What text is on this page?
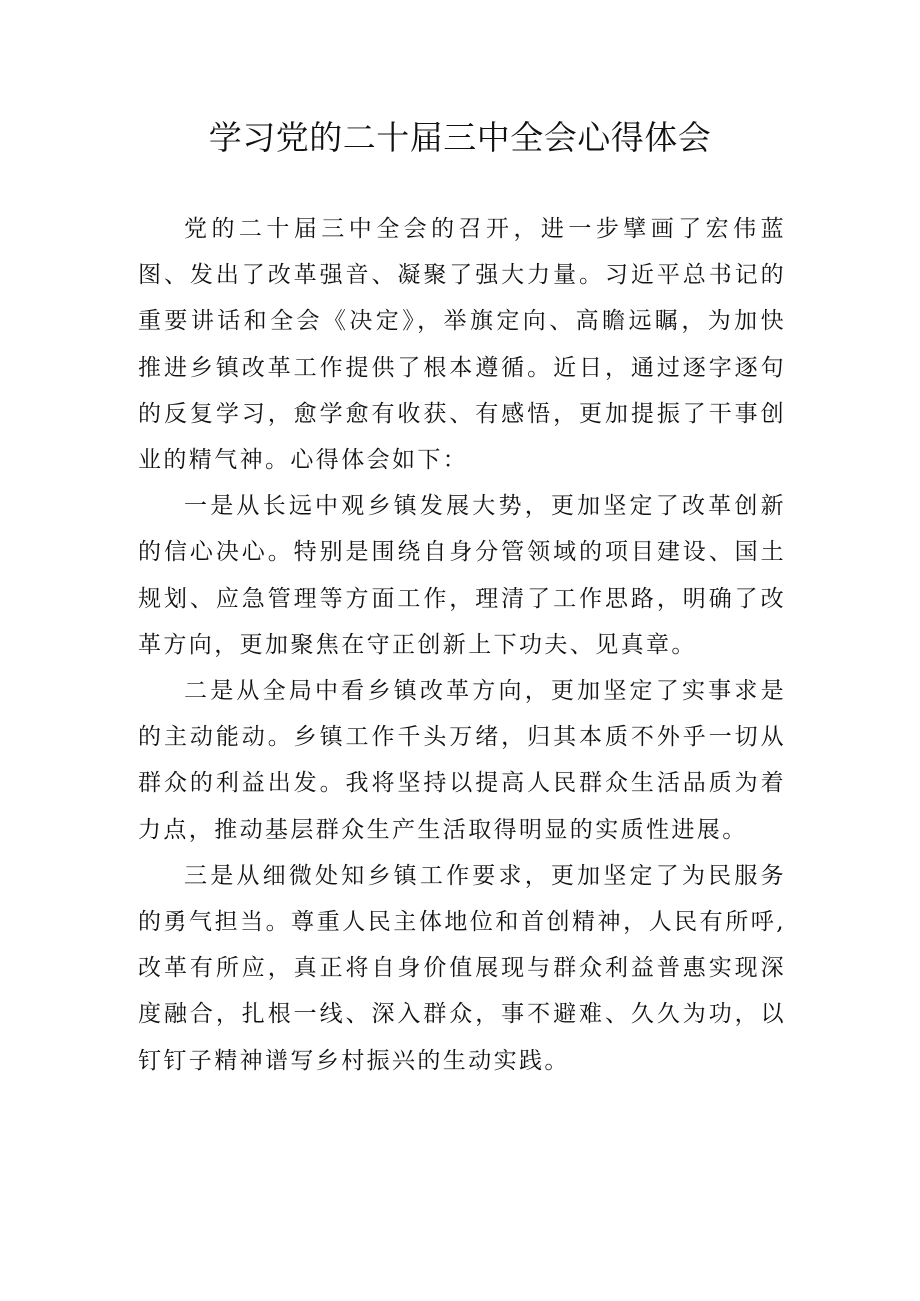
学习党的二十届三中全会心得体会

党的二十届三中全会的召开，进一步擘画了宏伟蓝图、发出了改革强音、凝聚了强大力量。习近平总书记的重要讲话和全会《决定》，举旗定向、高瞻远瞩，为加快推进乡镇改革工作提供了根本遵循。近日，通过逐字逐句的反复学习，愈学愈有收获、有感悟，更加提振了干事创业的精气神。心得体会如下：

一是从长远中观乡镇发展大势，更加坚定了改革创新的信心决心。特别是围绕自身分管领域的项目建设、国土规划、应急管理等方面工作，理清了工作思路，明确了改革方向，更加聚焦在守正创新上下功夫、见真章。

二是从全局中看乡镇改革方向，更加坚定了实事求是的主动能动。乡镇工作千头万绪，归其本质不外乎一切从群众的利益出发。我将坚持以提高人民群众生活品质为着力点，推动基层群众生产生活取得明显的实质性进展。

三是从细微处知乡镇工作要求，更加坚定了为民服务的勇气担当。尊重人民主体地位和首创精神，人民有所呼,改革有所应，真正将自身价值展现与群众利益普惠实现深度融合，扎根一线、深入群众，事不避难、久久为功，以钉钉子精神谱写乡村振兴的生动实践。
